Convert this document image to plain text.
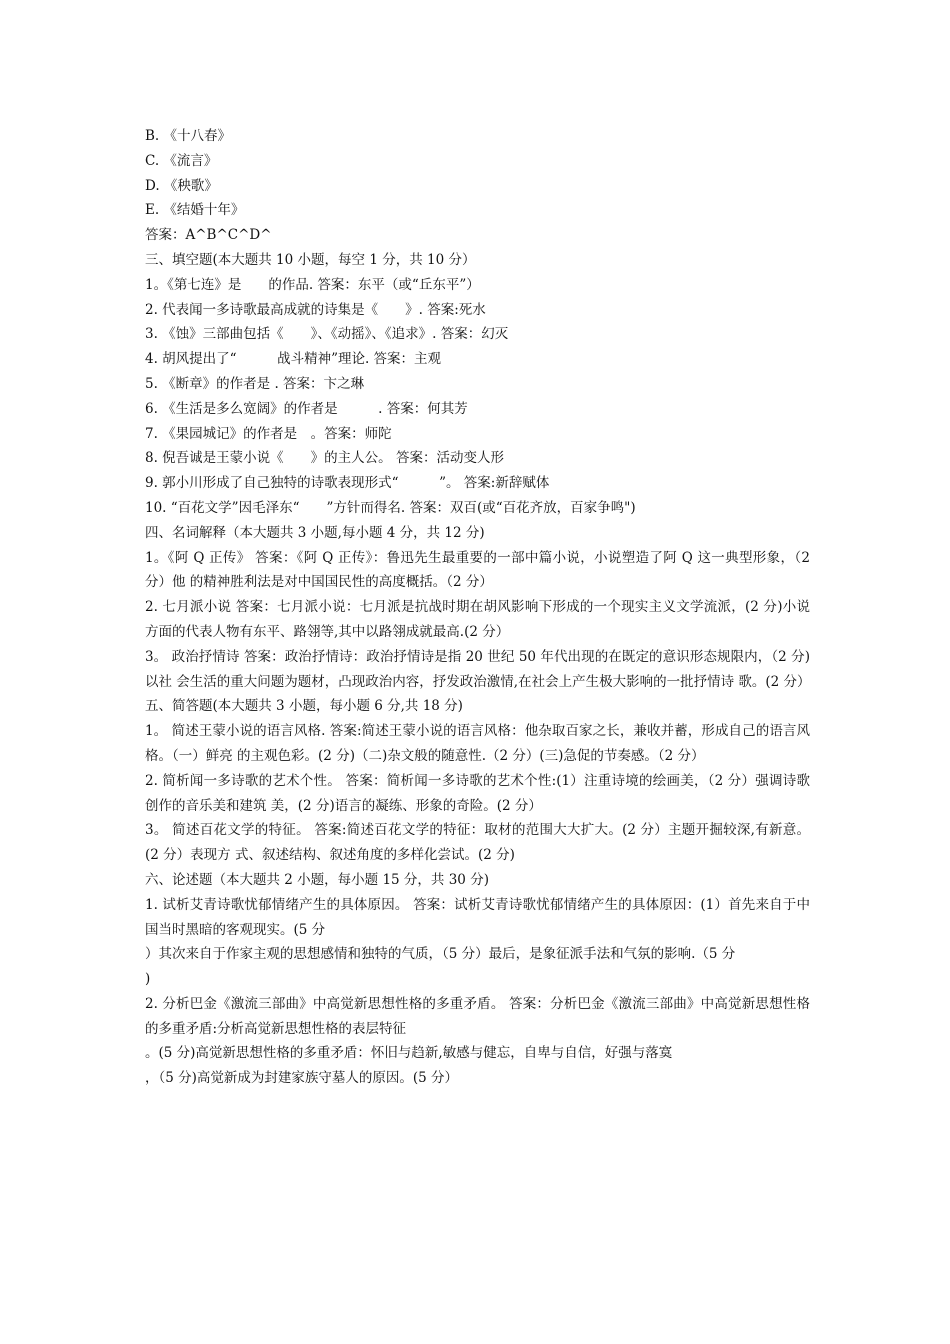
B. 《十八春》
C. 《流言》
D. 《秧歌》
E. 《结婚十年》
答案：A^B^C^D^
三、填空题(本大题共 10 小题，每空 1 分，共 10 分）
1。《第七连》是　　的作品. 答案：东平（或“丘东平”）
2. 代表闻一多诗歌最高成就的诗集是《　　》. 答案:死水
3. 《蚀》三部曲包括《　　》、《动摇》、《追求》. 答案：幻灭
4. 胡风提出了“　　　战斗精神”理论. 答案：主观
5. 《断章》的作者是 . 答案：卞之琳
6. 《生活是多么宽阔》的作者是　　　. 答案：何其芳
7. 《果园城记》的作者是　。答案：师陀
8. 倪吾诚是王蒙小说《　　》的主人公。 答案：活动变人形
9. 郭小川形成了自己独特的诗歌表现形式“　　　”。 答案:新辞赋体
10. “百花文学”因毛泽东“　　”方针而得名. 答案：双百(或“百花齐放，百家争鸣")
四、名词解释（本大题共 3 小题,每小题 4 分，共 12 分)
1。《阿 Q 正传》 答案：《阿 Q 正传》：鲁迅先生最重要的一部中篇小说，小说塑造了阿 Q 这一典型形象，（2 分）他 的精神胜利法是对中国国民性的高度概括。（2 分）
2. 七月派小说 答案：七月派小说：七月派是抗战时期在胡风影响下形成的一个现实主义文学流派，(2 分)小说 方面的代表人物有东平、路翎等,其中以路翎成就最高.(2 分）
3。 政治抒情诗 答案：政治抒情诗：政治抒情诗是指 20 世纪 50 年代出现的在既定的意识形态规限内，（2 分)以社 会生活的重大问题为题材，凸现政治内容，抒发政治激情,在社会上产生极大影响的一批抒情诗 歌。(2 分）
五、简答题(本大题共 3 小题，每小题 6 分,共 18 分)
1。 简述王蒙小说的语言风格. 答案:简述王蒙小说的语言风格：他杂取百家之长，兼收并蓄，形成自己的语言风格。（一）鲜亮 的主观色彩。(2 分)（二)杂文般的随意性.（2 分）(三)急促的节奏感。（2 分）
2. 简析闻一多诗歌的艺术个性。 答案：简析闻一多诗歌的艺术个性:(1）注重诗境的绘画美，（2 分）强调诗歌创作的音乐美和建筑 美，(2 分)语言的凝练、形象的奇险。(2 分）
3。 简述百花文学的特征。 答案:简述百花文学的特征：取材的范围大大扩大。(2 分）主题开掘较深,有新意。(2 分）表现方 式、叙述结构、叙述角度的多样化尝试。(2 分)
六、论述题（本大题共 2 小题，每小题 15 分，共 30 分)
1. 试析艾青诗歌忧郁情绪产生的具体原因。 答案：试析艾青诗歌忧郁情绪产生的具体原因：(1）首先来自于中国当时黑暗的客观现实。(5 分
）其次来自于作家主观的思想感情和独特的气质，（5 分）最后，是象征派手法和气氛的影响.（5 分
)
2. 分析巴金《激流三部曲》中高觉新思想性格的多重矛盾。 答案：分析巴金《激流三部曲》中高觉新思想性格的多重矛盾:分析高觉新思想性格的表层特征
。(5 分)高觉新思想性格的多重矛盾：怀旧与趋新,敏感与健忘，自卑与自信，好强与落寞
，（5 分)高觉新成为封建家族守墓人的原因。(5 分）
